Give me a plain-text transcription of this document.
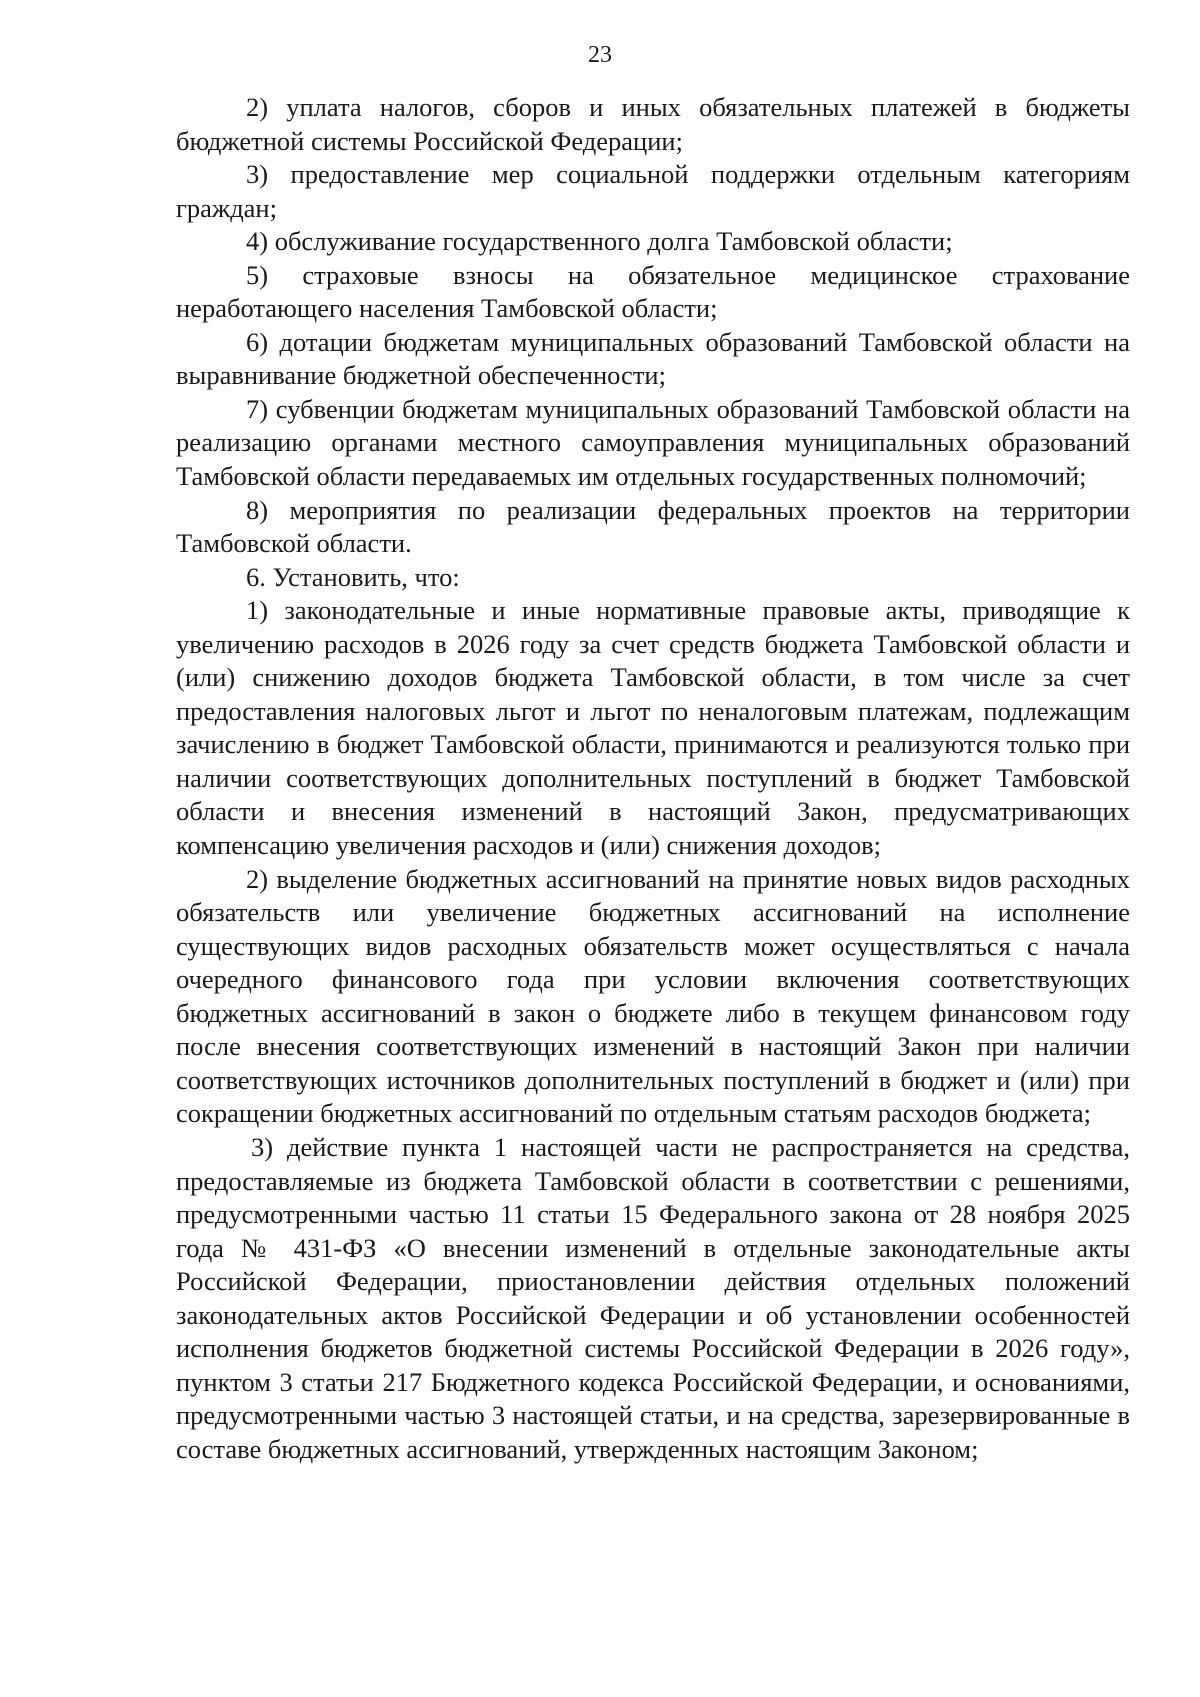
23

2) уплата налогов, сборов и иных обязательных платежей в бюджеты бюджетной системы Российской Федерации;

3) предоставление мер социальной поддержки отдельным категориям граждан;

4) обслуживание государственного долга Тамбовской области;

5) страховые взносы на обязательное медицинское страхование неработающего населения Тамбовской области;

6) дотации бюджетам муниципальных образований Тамбовской области на выравнивание бюджетной обеспеченности;

7) субвенции бюджетам муниципальных образований Тамбовской области на реализацию органами местного самоуправления муниципальных образований Тамбовской области передаваемых им отдельных государственных полномочий;

8) мероприятия по реализации федеральных проектов на территории Тамбовской области.

6. Установить, что:

1) законодательные и иные нормативные правовые акты, приводящие к увеличению расходов в 2026 году за счет средств бюджета Тамбовской области и (или) снижению доходов бюджета Тамбовской области, в том числе за счет предоставления налоговых льгот и льгот по неналоговым платежам, подлежащим зачислению в бюджет Тамбовской области, принимаются и реализуются только при наличии соответствующих дополнительных поступлений в бюджет Тамбовской области и внесения изменений в настоящий Закон, предусматривающих компенсацию увеличения расходов и (или) снижения доходов;

2) выделение бюджетных ассигнований на принятие новых видов расходных обязательств или увеличение бюджетных ассигнований на исполнение существующих видов расходных обязательств может осуществляться с начала очередного финансового года при условии включения соответствующих бюджетных ассигнований в закон о бюджете либо в текущем финансовом году после внесения соответствующих изменений в настоящий Закон при наличии соответствующих источников дополнительных поступлений в бюджет и (или) при сокращении бюджетных ассигнований по отдельным статьям расходов бюджета;

3) действие пункта 1 настоящей части не распространяется на средства, предоставляемые из бюджета Тамбовской области в соответствии с решениями, предусмотренными частью 11 статьи 15 Федерального закона от 28 ноября 2025 года № 431-ФЗ «О внесении изменений в отдельные законодательные акты Российской Федерации, приостановлении действия отдельных положений законодательных актов Российской Федерации и об установлении особенностей исполнения бюджетов бюджетной системы Российской Федерации в 2026 году», пунктом 3 статьи 217 Бюджетного кодекса Российской Федерации, и основаниями, предусмотренными частью 3 настоящей статьи, и на средства, зарезервированные в составе бюджетных ассигнований, утвержденных настоящим Законом;
